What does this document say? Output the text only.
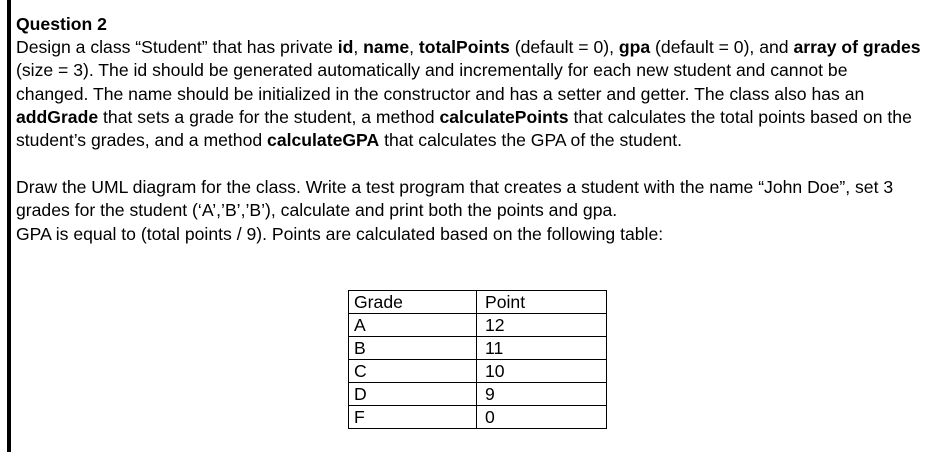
Question 2

Design a class “Student” that has private id, name, totalPoints (default = 0), gpa (default = 0), and array of grades (size = 3). The id should be generated automatically and incrementally for each new student and cannot be changed. The name should be initialized in the constructor and has a setter and getter. The class also has an addGrade that sets a grade for the student, a method calculatePoints that calculates the total points based on the student’s grades, and a method calculateGPA that calculates the GPA of the student.

Draw the UML diagram for the class. Write a test program that creates a student with the name “John Doe”, set 3 grades for the student (‘A’,’B’,’B’), calculate and print both the points and gpa.
GPA is equal to (total points / 9). Points are calculated based on the following table:

Grade	Point
A	12
B	11
C	10
D	9
F	0
